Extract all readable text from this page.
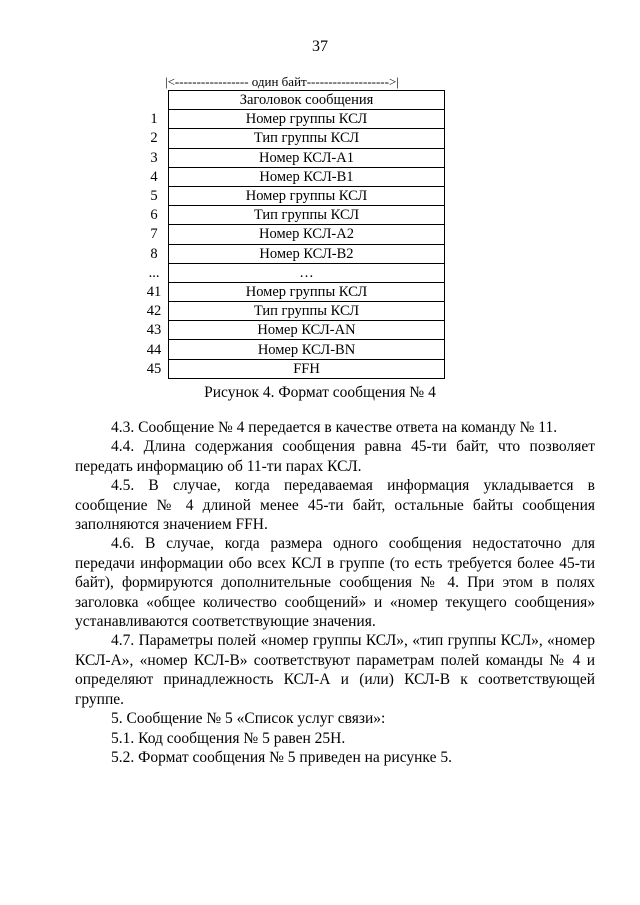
37
|<----------------- один байт------------------->|
	Заголовок сообщения
1	Номер группы КСЛ
2	Тип группы КСЛ
3	Номер КСЛ-А1
4	Номер КСЛ-В1
5	Номер группы КСЛ
6	Тип группы КСЛ
7	Номер КСЛ-А2
8	Номер КСЛ-В2
...	…
41	Номер группы КСЛ
42	Тип группы КСЛ
43	Номер КСЛ-AN
44	Номер КСЛ-BN
45	FFH
Рисунок 4. Формат сообщения № 4

4.3. Сообщение № 4 передается в качестве ответа на команду № 11.

4.4. Длина содержания сообщения равна 45-ти байт, что позволяет передать информацию об 11-ти парах КСЛ.

4.5. В случае, когда передаваемая информация укладывается в сообщение № 4 длиной менее 45-ти байт, остальные байты сообщения заполняются значением FFH.

4.6. В случае, когда размера одного сообщения недостаточно для передачи информации обо всех КСЛ в группе (то есть требуется более 45-ти байт), формируются дополнительные сообщения № 4. При этом в полях заголовка «общее количество сообщений» и «номер текущего сообщения» устанавливаются соответствующие значения.

4.7. Параметры полей «номер группы КСЛ», «тип группы КСЛ», «номер КСЛ-А», «номер КСЛ-В» соответствуют параметрам полей команды № 4 и определяют принадлежность КСЛ-А и (или) КСЛ-В к соответствующей группе.

5. Сообщение № 5 «Список услуг связи»:

5.1. Код сообщения № 5 равен 25H.

5.2. Формат сообщения № 5 приведен на рисунке 5.
